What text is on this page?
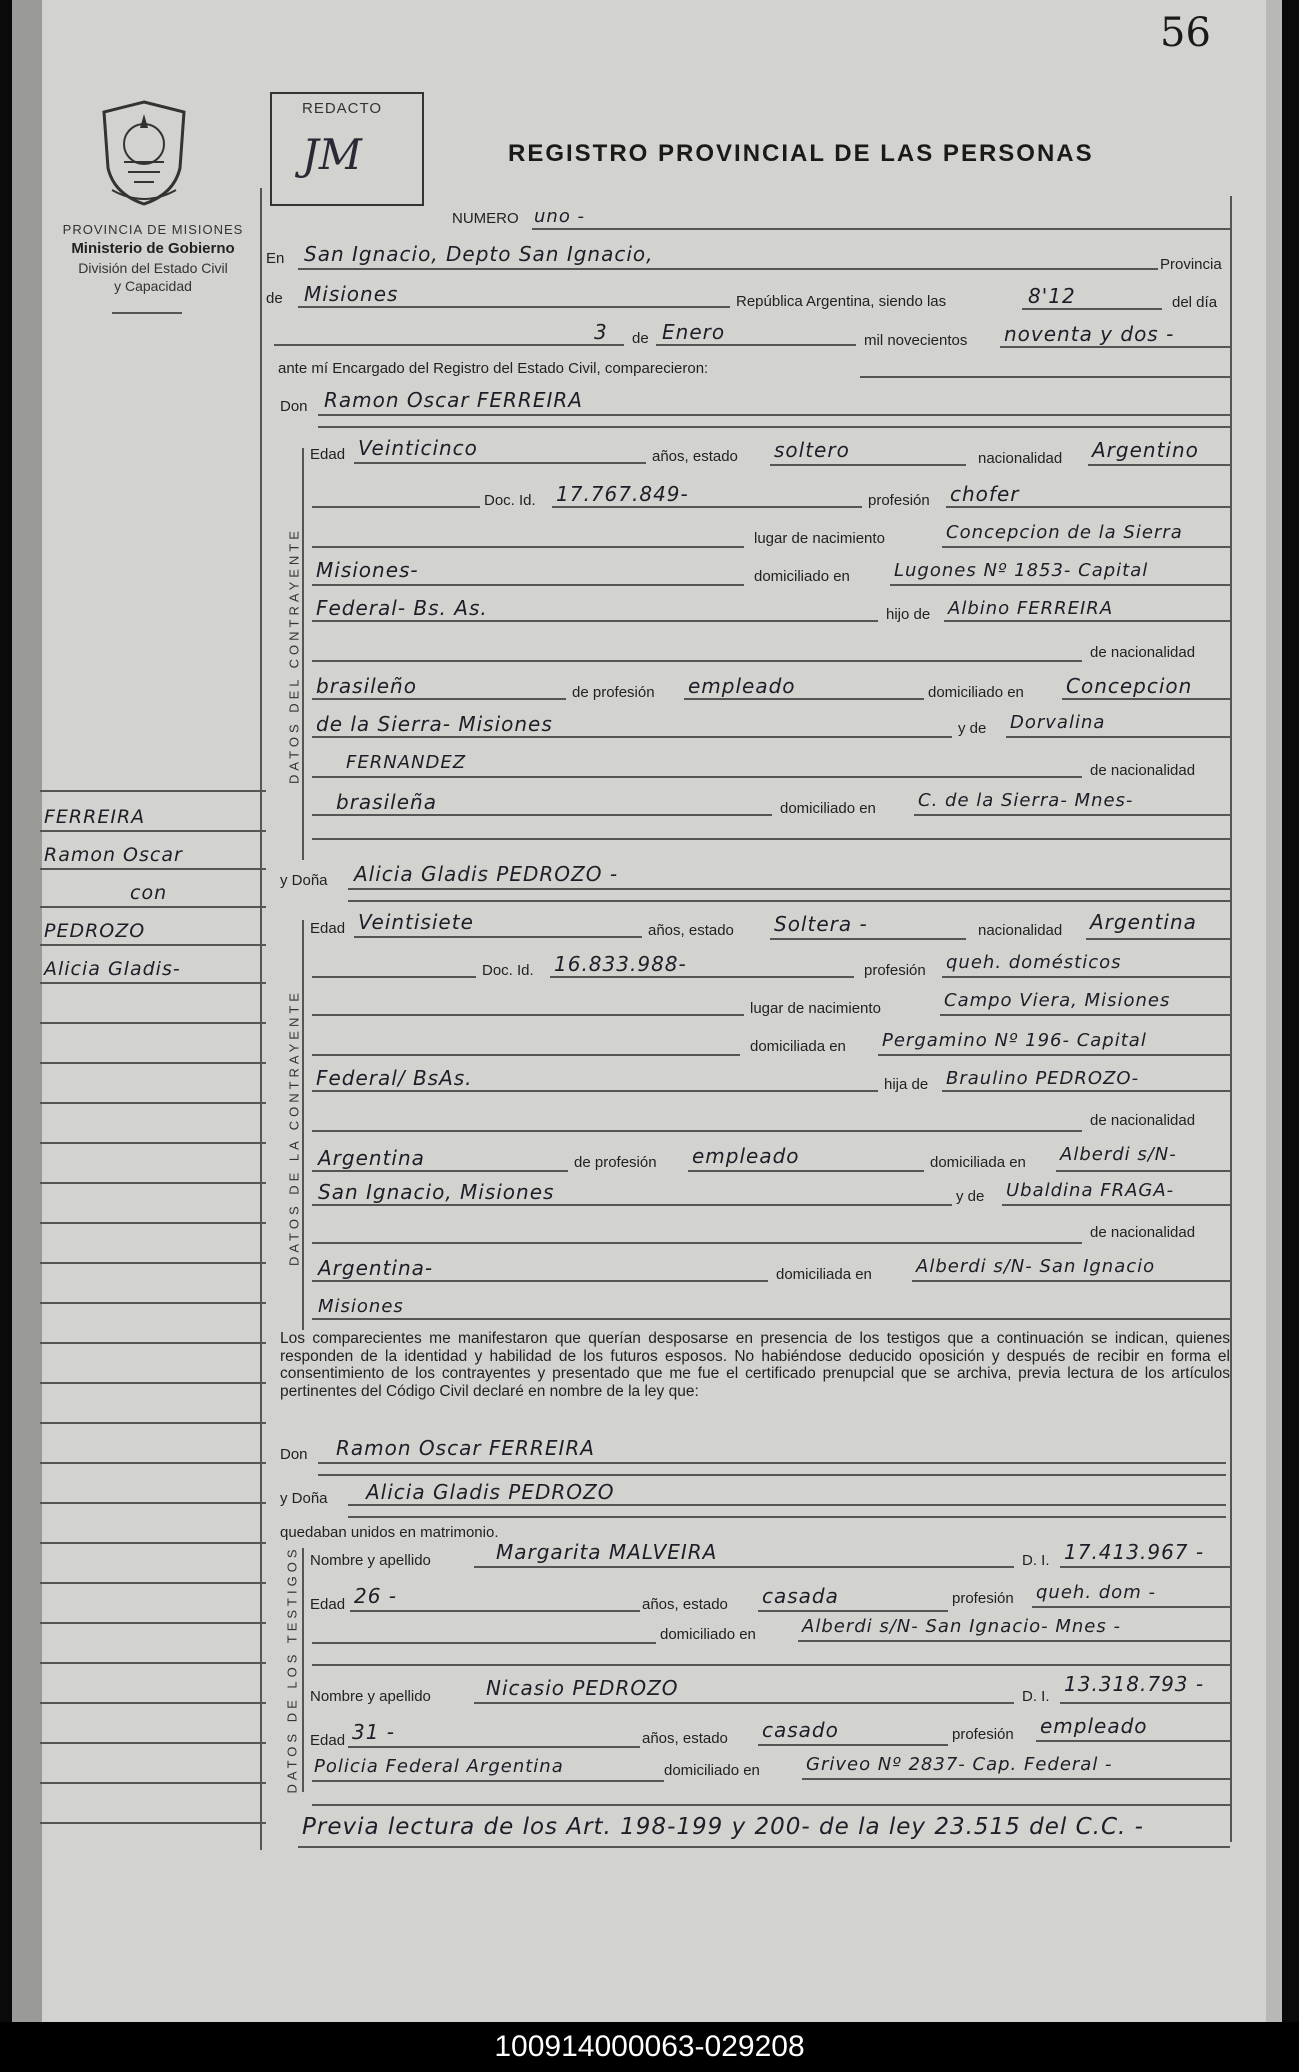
56
PROVINCIA DE MISIONES
Ministerio de Gobierno
División del Estado Civil
y Capacidad
REDACTO
JM	REGISTRO PROVINCIAL DE LAS PERSONAS
NUMERO uno -
En San Ignacio, Depto San Ignacio,	Provincia
de Misiones	República Argentina, siendo las	8'12	del día
3 de Enero	mil novecientos noventa y dos -
ante mí Encargado del Registro del Estado Civil, comparecieron:
Don Ramon Oscar FERREIRA
DATOS DEL CONTRAYENTE
Edad Veinticinco	años, estado soltero	nacionalidad Argentino
Doc. Id. 17.767.849-	profesión chofer
lugar de nacimiento	Concepcion de la Sierra
Misiones-	domiciliado en Lugones Nº 1853- Capital
Federal- Bs. As.	hijo de Albino FERREIRA
de nacionalidad
brasileño	de profesión empleado	domiciliado en Concepcion
de la Sierra- Misiones	y de Dorvalina
FERNANDEZ	de nacionalidad
brasileña	domiciliado en C. de la Sierra- Mnes-
FERREIRA
Ramon Oscar
con
PEDROZO
Alicia Gladis-
y Doña Alicia Gladis PEDROZO -
DATOS DE LA CONTRAYENTE
Edad Veintisiete	años, estado Soltera -	nacionalidad Argentina
Doc. Id. 16.833.988-	profesión queh. domésticos
lugar de nacimiento	Campo Viera, Misiones
domiciliada en Pergamino Nº 196- Capital
Federal/ BsAs.	hija de Braulino PEDROZO-
de nacionalidad
Argentina	de profesión empleado	domiciliada en Alberdi s/N-
San Ignacio, Misiones	y de Ubaldina FRAGA-
de nacionalidad
Argentina-	domiciliada en Alberdi s/N- San Ignacio
Misiones
Los comparecientes me manifestaron que querían desposarse en presencia de los testigos que a continuación se indican, quienes responden de la identidad y habilidad de los futuros esposos. No habiéndose deducido oposición y después de recibir en forma el consentimiento de los contrayentes y presentado que me fue el certificado prenupcial que se archiva, previa lectura de los artículos pertinentes del Código Civil declaré en nombre de la ley que:
Don Ramon Oscar FERREIRA
y Doña Alicia Gladis PEDROZO
quedaban unidos en matrimonio.
DATOS DE LOS TESTIGOS Nombre y apellido	Margarita MALVEIRA	D. I. 17.413.967 -
Edad 26 -	años, estado casada	profesión queh. dom -
domiciliado en	Alberdi s/N- San Ignacio- Mnes -
Nombre y apellido	Nicasio PEDROZO	D. I.
13.318.793 -
Edad 31 -	años, estado casado	profesión empleado
Policia Federal Argentina	domiciliado en	Griveo Nº 2837- Cap. Federal -
Previa lectura de los Art. 198-199 y 200- de la ley 23.515 del C.C. -
100914000063-029208
